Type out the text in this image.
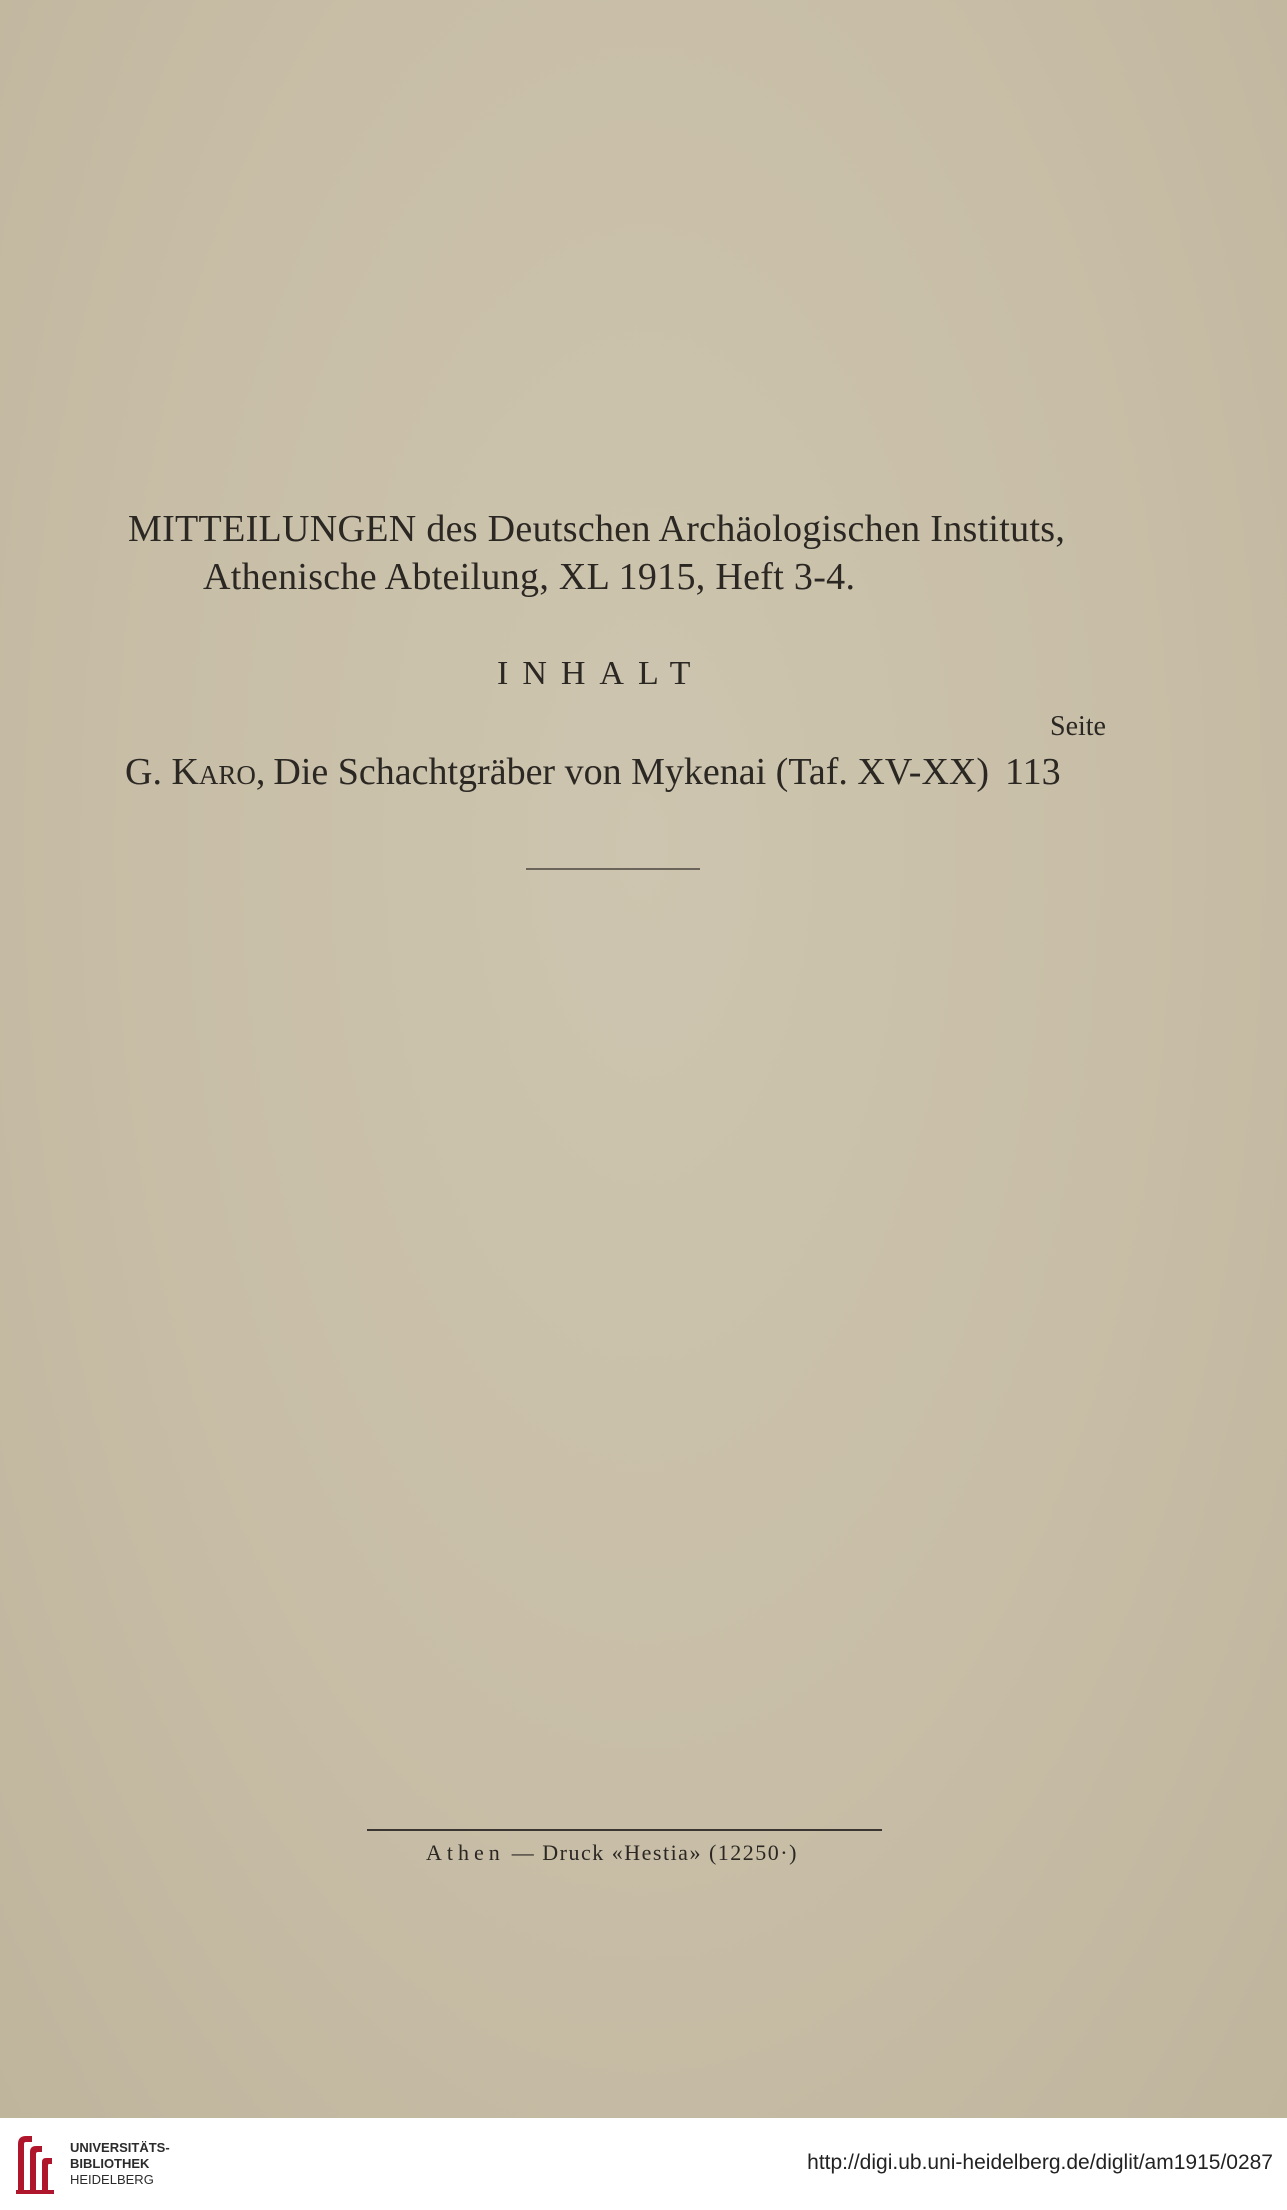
MITTEILUNGEN des Deutschen Archäologischen Instituts,
Athenische Abteilung, XL 1915, Heft 3-4.
INHALT
Seite
G. Karo, Die Schachtgräber von Mykenai (Taf. XV-XX) 113
Athen — Druck «Hestia» (12250·)
UNIVERSITÄTS-
BIBLIOTHEK
HEIDELBERG
http://digi.ub.uni-heidelberg.de/diglit/am1915/0287
